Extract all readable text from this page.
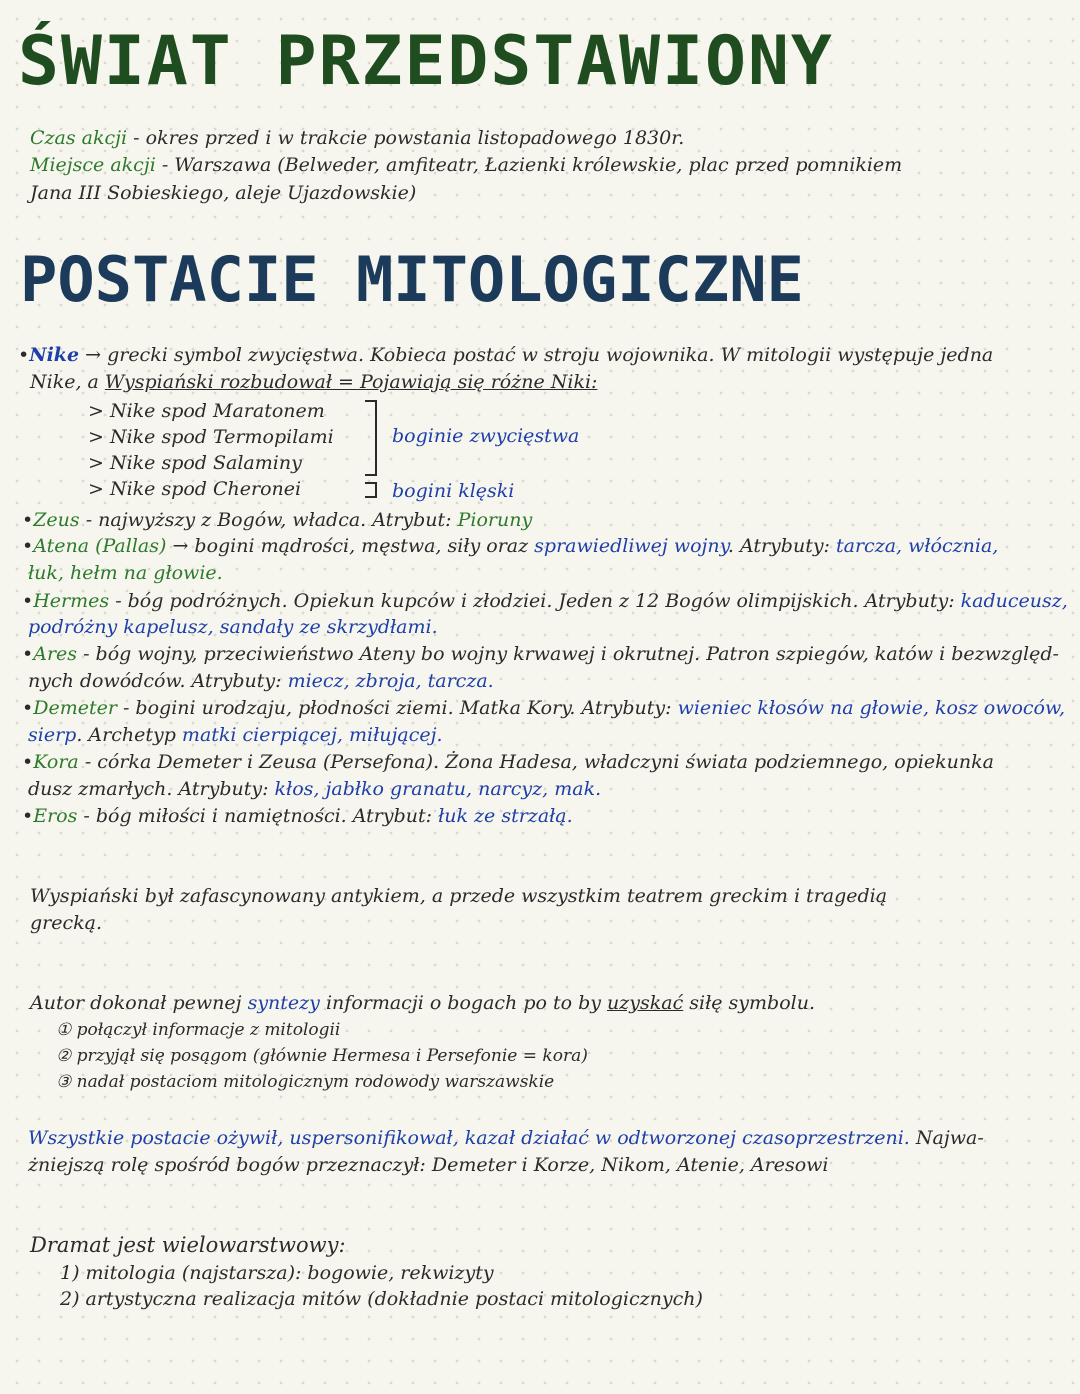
ŚWIAT PRZEDSTAWIONY
Czas akcji - okres przed i w trakcie powstania listopadowego 1830r.
Miejsce akcji - Warszawa (Belweder, amfiteatr, Łazienki królewskie, plac przed pomnikiem
Jana III Sobieskiego, aleje Ujazdowskie)
POSTACIE MITOLOGICZNE
•Nike → grecki symbol zwycięstwa. Kobieca postać w stroju wojownika. W mitologii występuje jedna
Nike, a Wyspiański rozbudował = Pojawiają się różne Niki:
> Nike spod Maratonem
> Nike spod Termopilami
> Nike spod Salaminy
> Nike spod Cheronei
boginie zwycięstwa
bogini klęski
•Zeus - najwyższy z Bogów, władca. Atrybut: Pioruny
•Atena (Pallas) → bogini mądrości, męstwa, siły oraz sprawiedliwej wojny. Atrybuty: tarcza, włócznia,
łuk, hełm na głowie.
•Hermes - bóg podróżnych. Opiekun kupców i złodziei. Jeden z 12 Bogów olimpijskich. Atrybuty: kaduceusz,
podróżny kapelusz, sandały ze skrzydłami.
•Ares - bóg wojny, przeciwieństwo Ateny bo wojny krwawej i okrutnej. Patron szpiegów, katów i bezwzględ-
nych dowódców. Atrybuty: miecz, zbroja, tarcza.
•Demeter - bogini urodzaju, płodności ziemi. Matka Kory. Atrybuty: wieniec kłosów na głowie, kosz owoców,
sierp. Archetyp matki cierpiącej, miłującej.
•Kora - córka Demeter i Zeusa (Persefona). Żona Hadesa, władczyni świata podziemnego, opiekunka
dusz zmarłych. Atrybuty: kłos, jabłko granatu, narcyz, mak.
•Eros - bóg miłości i namiętności. Atrybut: łuk ze strzałą.
Wyspiański był zafascynowany antykiem, a przede wszystkim teatrem greckim i tragedią
grecką.
Autor dokonał pewnej syntezy informacji o bogach po to by uzyskać siłę symbolu.
① połączył informacje z mitologii
② przyjął się posągom (głównie Hermesa i Persefonie = kora)
③ nadał postaciom mitologicznym rodowody warszawskie
Wszystkie postacie ożywił, uspersonifikował, kazał działać w odtworzonej czasoprzestrzeni. Najwa-
żniejszą rolę spośród bogów przeznaczył: Demeter i Korze, Nikom, Atenie, Aresowi
Dramat jest wielowarstwowy:
1) mitologia (najstarsza): bogowie, rekwizyty
2) artystyczna realizacja mitów (dokładnie postaci mitologicznych)
